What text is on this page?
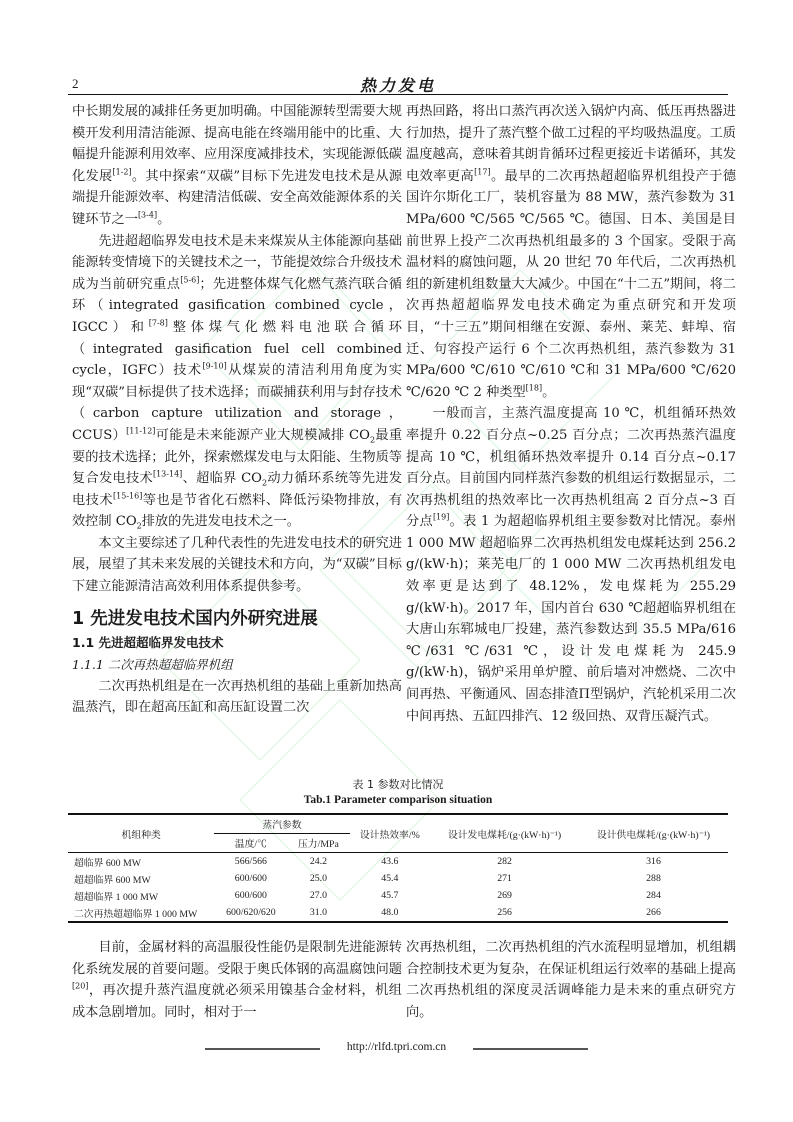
2	热力发电

中长期发展的减排任务更加明确。中国能源转型需要大规模开发利用清洁能源、提高电能在终端用能中的比重、大幅提升能源利用效率、应用深度减排技术，实现能源低碳化发展[1-2]。其中探索“双碳”目标下先进发电技术是从源端提升能源效率、构建清洁低碳、安全高效能源体系的关键环节之一[3-4]。

先进超超临界发电技术是未来煤炭从主体能源向基础能源转变情境下的关键技术之一，节能提效综合升级技术成为当前研究重点[5-6]；先进整体煤气化燃气蒸汽联合循环（integrated gasification combined cycle，IGCC）和[7-8]整体煤气化燃料电池联合循环（integrated gasification fuel cell combined cycle，IGFC）技术[9-10]从煤炭的清洁利用角度为实现“双碳”目标提供了技术选择；而碳捕获利用与封存技术（carbon capture utilization and storage，CCUS）[11-12]可能是未来能源产业大规模减排 $CO_2$最重要的技术选择；此外，探索燃煤发电与太阳能、生物质等复合发电技术[13-14]、超临界 $CO_2$动力循环系统等先进发电技术[15-16]等也是节省化石燃料、降低污染物排放，有效控制 $CO_2$排放的先进发电技术之一。

本文主要综述了几种代表性的先进发电技术的研究进展，展望了其未来发展的关键技术和方向，为“双碳”目标下建立能源清洁高效利用体系提供参考。

1 先进发电技术国内外研究进展

1.1 先进超超临界发电技术

1.1.1 二次再热超超临界机组

二次再热机组是在一次再热机组的基础上重新加热高温蒸汽，即在超高压缸和高压缸设置二次

再热回路，将出口蒸汽再次送入锅炉内高、低压再热器进行加热，提升了蒸汽整个做工过程的平均吸热温度。工质温度越高，意味着其朗肯循环过程更接近卡诺循环，其发电效率更高[17]。最早的二次再热超超临界机组投产于德国许尔斯化工厂，装机容量为 88 MW，蒸汽参数为 31 MPa/600 ℃/565 ℃/565 ℃。德国、日本、美国是目前世界上投产二次再热机组最多的 3 个国家。受限于高温材料的腐蚀问题，从 20 世纪 70 年代后，二次再热机组的新建机组数量大大减少。中国在“十二五”期间，将二次再热超超临界发电技术确定为重点研究和开发项目，“十三五”期间相继在安源、泰州、莱芜、蚌埠、宿迁、句容投产运行 6 个二次再热机组，蒸汽参数为 31 MPa/600 ℃/610 ℃/610 ℃和 31 MPa/600 ℃/620 ℃/620 ℃ 2 种类型[18]。

一般而言，主蒸汽温度提高 10 ℃，机组循环热效率提升 0.22 百分点~0.25 百分点；二次再热蒸汽温度提高 10 ℃，机组循环热效率提升 0.14 百分点~0.17 百分点。目前国内同样蒸汽参数的机组运行数据显示，二次再热机组的热效率比一次再热机组高 2 百分点~3 百分点[19]。表 1 为超超临界机组主要参数对比情况。泰州 1 000 MW 超超临界二次再热机组发电煤耗达到 256.2 g/(kW·h)；莱芜电厂的 1 000 MW 二次再热机组发电效率更是达到了 48.12%，发电煤耗为 255.29 g/(kW·h)。2017 年，国内首台 630 ℃超超临界机组在大唐山东郓城电厂投建，蒸汽参数达到 35.5 MPa/616 ℃/631 ℃/631 ℃，设计发电煤耗为 245.9 g/(kW·h)，锅炉采用单炉膛、前后墙对冲燃烧、二次中间再热、平衡通风、固态排渣Π型锅炉，汽轮机采用二次中间再热、五缸四排汽、12 级回热、双背压凝汽式。

表 1 参数对比情况
Tab.1 Parameter comparison situation
机组种类	蒸汽参数		设计热效率/%	设计发电煤耗/(g·(kW·h)⁻¹)	设计供电煤耗/(g·(kW·h)⁻¹)
	温度/℃	压力/MPa			
超临界 600 MW	566/566	24.2	43.6	282	316
超超临界 600 MW	600/600	25.0	45.4	271	288
超超临界 1 000 MW	600/600	27.0	45.7	269	284
二次再热超超临界 1 000 MW	600/620/620	31.0	48.0	256	266

目前，金属材料的高温服役性能仍是限制先进能源转化系统发展的首要问题。受限于奥氏体钢的高温腐蚀问题[20]，再次提升蒸汽温度就必须采用镍基合金材料，机组成本急剧增加。同时，相对于一

次再热机组，二次再热机组的汽水流程明显增加，机组耦合控制技术更为复杂，在保证机组运行效率的基础上提高二次再热机组的深度灵活调峰能力是未来的重点研究方向。

http://rlfd.tpri.com.cn
